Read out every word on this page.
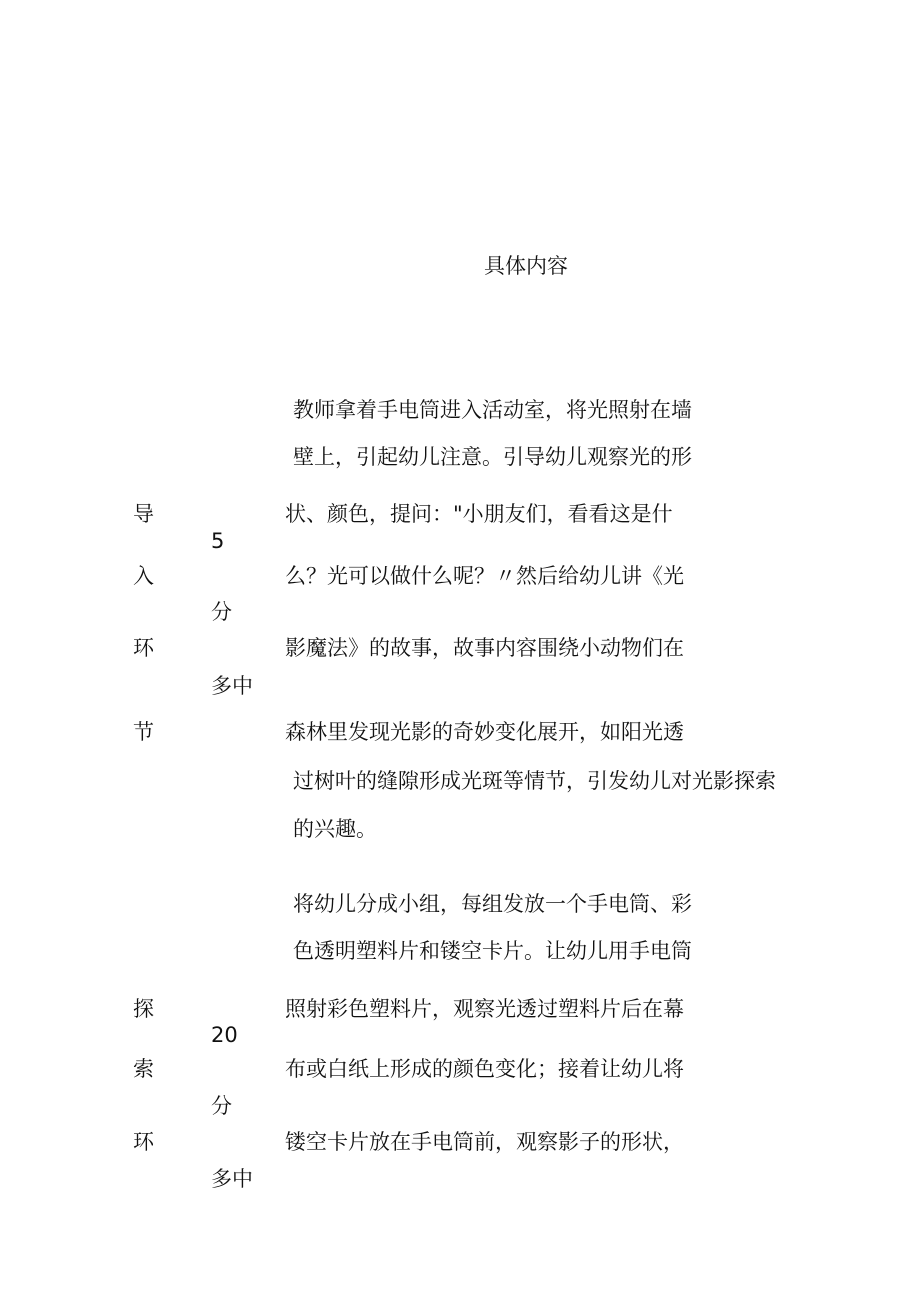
具体内容
导
入
环
节
5
分
多中
教师拿着手电筒进入活动室，将光照射在墙
壁上，引起幼儿注意。引导幼儿观察光的形
状、颜色，提问："小朋友们，看看这是什
么？光可以做什么呢？〃然后给幼儿讲《光
影魔法》的故事，故事内容围绕小动物们在
森林里发现光影的奇妙变化展开，如阳光透
过树叶的缝隙形成光斑等情节，引发幼儿对光影探索
的兴趣。
探
索
环
20
分
多中
将幼儿分成小组，每组发放一个手电筒、彩
色透明塑料片和镂空卡片。让幼儿用手电筒
照射彩色塑料片，观察光透过塑料片后在幕
布或白纸上形成的颜色变化；接着让幼儿将
镂空卡片放在手电筒前，观察影子的形状，
